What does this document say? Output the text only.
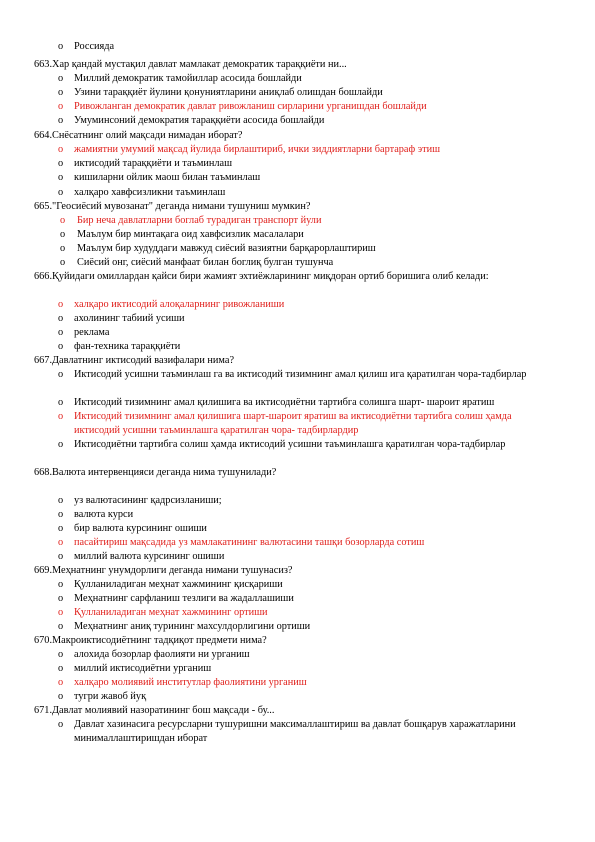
o	Россияда
663.Хар қандай мустақил давлат мамлакат демократик тараққиёти ни...
o	Миллий демократик тамойиллар асосида бошлайди
o	Узини тараққиёт йулини қонуниятларини аниқлаб олишдан бошлайди
o	Ривожланган демократик давлат ривожланиш сирларини урганишдан бошлайди
o	Умуминсоний демократия тараққиёти асосида бошлайди
664.Снёсатнинг олий мақсади нимадан иборат?
o	жамиятни умумий мақсад йулида бирлаштириб, ички зиддиятларни бартараф этиш
o	иктисодий тараққиёти и таъминлаш
o	кишиларни ойлик маош билан таъминлаш
o	халқаро хавфсизликни таъминлаш
665."Геосиёсий мувозанат" деганда нимани тушуниш мумкин?
o	Бир неча давлатларни боглаб турадиган транспорт йули
o	Маълум бир минтақага оид хавфсизлик масалалари
o	Маълум бир худуддаги мавжуд сиёсий вазиятни барқарорлаштириш
o	Сиёсий онг, сиёсий манфаат билан боглиқ булган тушунча
666.Қуйидаги омиллардан қайси бири жамият эхтиёжларининг миқдоран ортиб боришига олиб келади:
o	халқаро иктисодий алоқаларнинг ривожланиши
o	ахолининг табиий усиши
o	реклама
o	фан-техника тараққиёти
667.Давлатнинг иктисодий вазифалари нима?
o	Иктисодий усишни таъминлаш га ва иктисодий тизимнинг амал қилиш ига қаратилган чора-тадбирлар
o	Иктисодий тизимнинг амал қилишига ва иктисодиётни тартибга солишга шарт- шароит яратиш
o	Иктисодий тизимнинг амал қилишига шарт-шароит яратиш ва иктисодиётни тартибга солиш ҳамда иктисодий усишни таъминлашга қаратилган чора- тадбирлардир
o	Иктисодиётни тартибга солиш ҳамда иктисодий усишни таъминлашга қаратилган чора-тадбирлар
668.Валюта интервенцияси деганда нима тушунилади?
o	уз валютасининг қадрсизланиши;
o	валюта курси
o	бир валюта курсининг ошиши
o	пасайтириш мақсадида уз мамлакатининг валютасини ташқи бозорларда сотиш
o	миллий валюта курсининг ошиши
669.Меҳнатнинг унумдорлиги деганда нимани тушунасиз?
o	Қулланиладиган меҳнат хажмининг қисқариши
o	Меҳнатнинг сарфланиш тезлиги ва жадаллашиши
o	Қулланиладиган меҳнат хажмининг ортиши
o	Меҳнатнинг аниқ турининг махсулдорлигини ортиши
670.Макроиктисодиётнинг тадқиқот предмети нима?
o	алохида бозорлар фаолияти ни урганиш
o	миллий иктисодиётни урганиш
o	халқаро молиявий институтлар фаолиятини урганиш
o	тугри жавоб йуқ
671.Давлат молиявий назоратининг бош мақсади - бу...
o	Давлат хазинасига ресурсларни тушуришни максималлаштириш ва давлат бошқарув харажатларини минималлаштиришдан иборат
